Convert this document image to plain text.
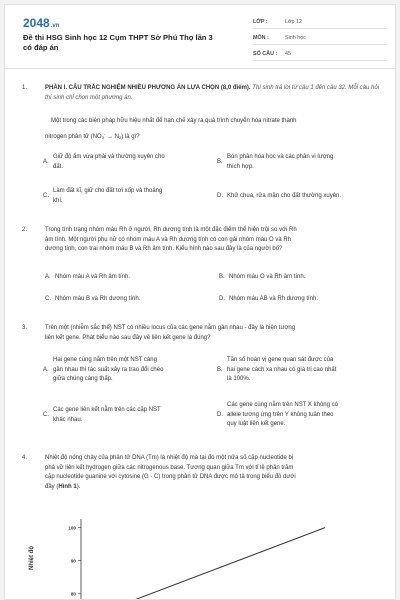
2048.vn
Đề thi HSG Sinh học 12 Cụm THPT Sở Phú Thọ lần 3 có đáp án
LỚP :	Lớp 12
MÔN :	Sinh học
SỐ CÂU :	45
1.	PHẦN I. CÂU TRẮC NGHIỆM NHIỀU PHƯƠNG ÁN LỰA CHỌN (8,0 điểm). Thí sinh trả lời từ câu 1 đến câu 32. Mỗi câu hỏi thí sinh chỉ chọn một phương án.
Một trong các biện pháp hữu hiệu nhất để hạn chế xảy ra quá trình chuyển hóa nitrate thành
nitrogen phân tử $(NO_3^- \to N_2)$ là gì?
A.
Giữ độ ẩm vừa phải và thường xuyên cho
đất.
B.
Bón phân hóa học và các phân vi lượng
thích hợp.
C.
Làm đất kĩ, giữ cho đất tơi xốp và thoáng
khí.
D. Khử chua, rửa mặn cho đất thường xuyên.
2.	Trong tính trạng nhóm máu Rh ở người, Rh dương tính là một đặc điểm thể hiện trội so với Rh
âm tính. Một người phụ nữ có nhóm máu A và Rh dương tính có con gái nhóm máu O và Rh
dương tính, con trai nhóm máu B và Rh âm tính. Kiểu hình nào sau đây là của người bố?
A. Nhóm máu A và Rh âm tính.	B. Nhóm máu O và Rh âm tính.
C. Nhóm máu B và Rh dương tính.	D. Nhóm máu AB và Rh dương tính.
3.	Trên một (nhiễm sắc thể) NST có nhiều locus của các gene nằm gần nhau - đây là hiện tượng
liên kết gene. Phát biểu nào sau đây về liên kết gene là đúng?
A.
Hai gene cùng nằm trên một NST càng
gần nhau thì tác suất xảy ra trao đổi chéo
giữa chúng càng thấp.
B.
Tần số hoán vị gene quan sát được của
hai gene cách xa nhau có giá trị cao nhất
là 100%.
C.
Các gene liên kết nằm trên các cặp NST
khác nhau.
D.
Các gene cùng nằm trên NST X không có
allele tương ứng trên Y không tuân theo
quy luật liên kết gene.
4.	Nhiệt độ nóng chảy của phân tử DNA (Tm) là nhiệt độ mà tại đó một nửa số cặp nucleotide bị
phá vỡ liên kết hydrogen giữa các nitrogenous base. Tương quan giữa Tm với tỉ lệ phần trăm
cặp nucleotide guanine với cytosine (G - C) trong phân tử DNA được mô tả trong biểu đồ dưới
đây (Hình 1).
100
90
80
Nhiệt độ
